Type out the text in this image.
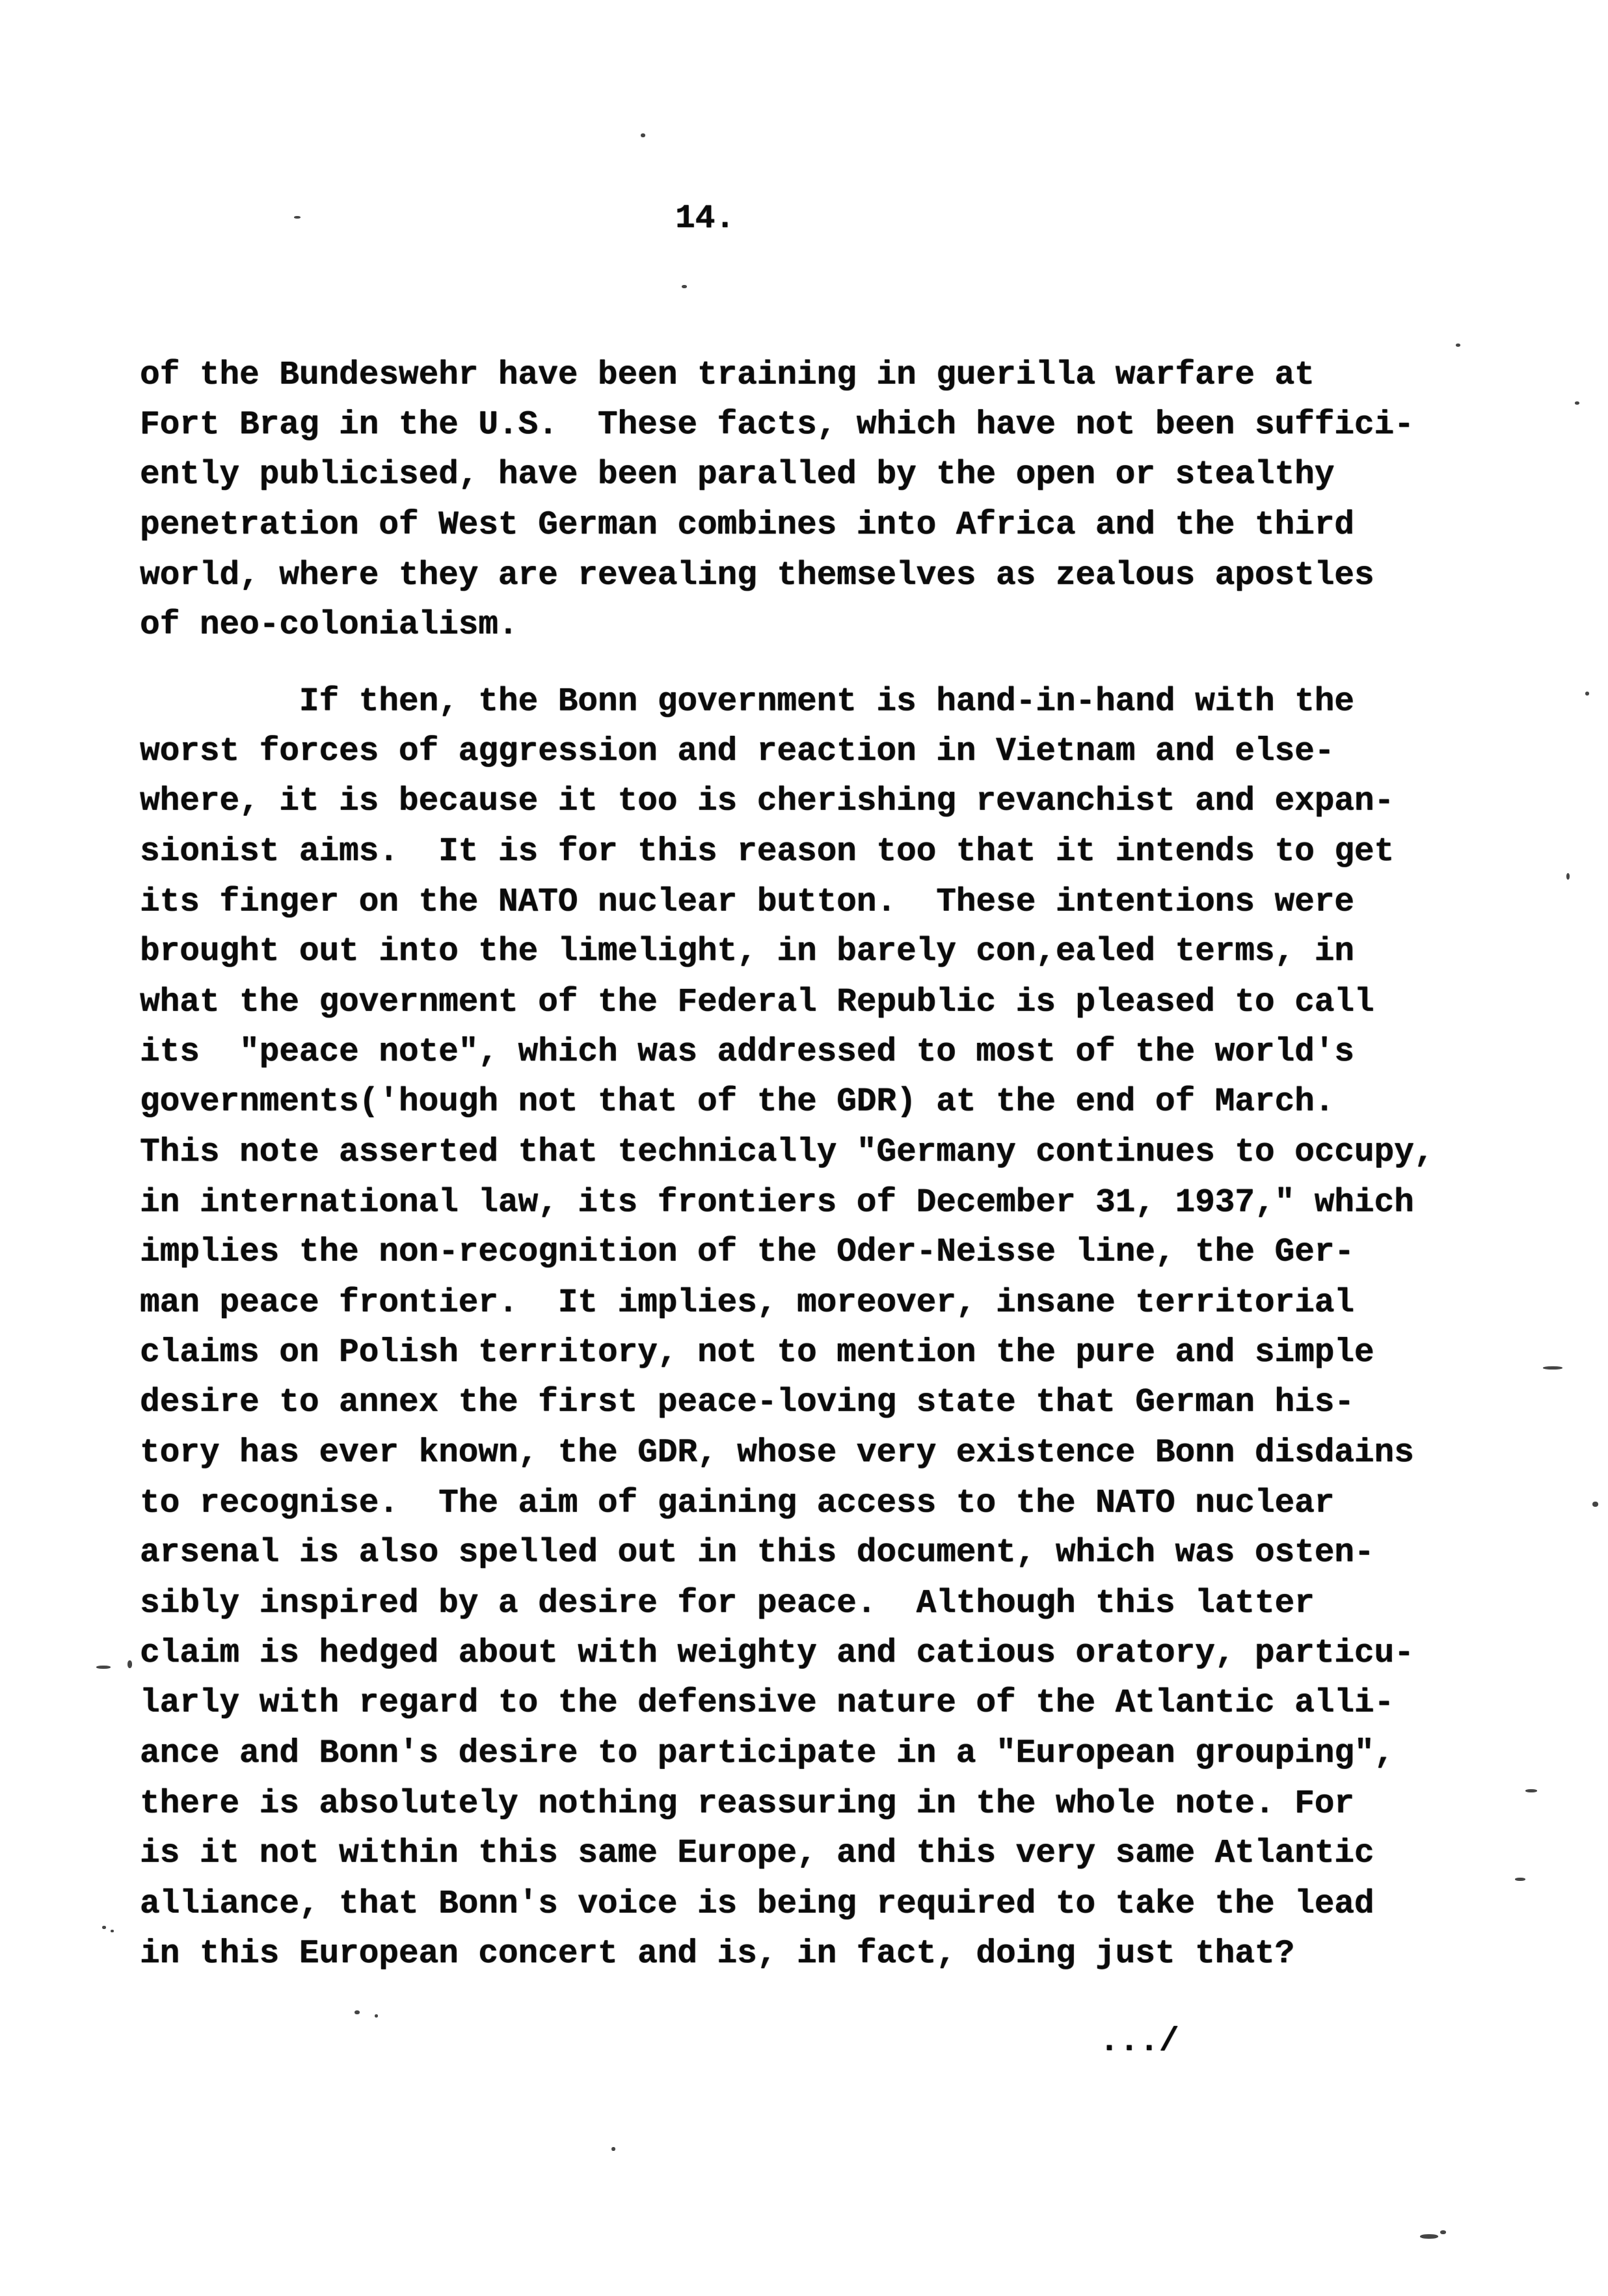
14.
of the Bundeswehr have been training in guerilla warfare at
Fort Brag in the U.S.  These facts, which have not been suffici-
ently publicised, have been paralled by the open or stealthy
penetration of West German combines into Africa and the third
world, where they are revealing themselves as zealous apostles
of neo-colonialism.
If then, the Bonn government is hand-in-hand with the
worst forces of aggression and reaction in Vietnam and else-
where, it is because it too is cherishing revanchist and expan-
sionist aims.  It is for this reason too that it intends to get
its finger on the NATO nuclear button.  These intentions were
brought out into the limelight, in barely con,ealed terms, in
what the government of the Federal Republic is pleased to call
its  "peace note", which was addressed to most of the world's
governments('hough not that of the GDR) at the end of March.
This note asserted that technically "Germany continues to occupy,
in international law, its frontiers of December 31, 1937," which
implies the non-recognition of the Oder-Neisse line, the Ger-
man peace frontier.  It implies, moreover, insane territorial
claims on Polish territory, not to mention the pure and simple
desire to annex the first peace-loving state that German his-
tory has ever known, the GDR, whose very existence Bonn disdains
to recognise.  The aim of gaining access to the NATO nuclear
arsenal is also spelled out in this document, which was osten-
sibly inspired by a desire for peace.  Although this latter
claim is hedged about with weighty and catious oratory, particu-
larly with regard to the defensive nature of the Atlantic alli-
ance and Bonn's desire to participate in a "European grouping",
there is absolutely nothing reassuring in the whole note. For
is it not within this same Europe, and this very same Atlantic
alliance, that Bonn's voice is being required to take the lead
in this European concert and is, in fact, doing just that?
.../
